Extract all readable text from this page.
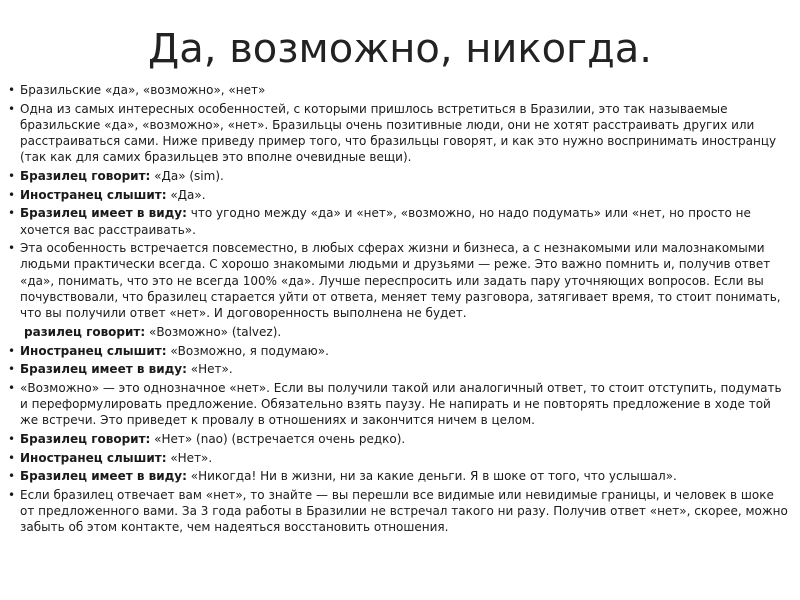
Да, возможно, никогда.
• Бразильские «да», «возможно», «нет»
• Одна из самых интересных особенностей, с которыми пришлось встретиться в Бразилии, это так называемые бразильские «да», «возможно», «нет». Бразильцы очень позитивные люди, они не хотят расстраивать других или расстраиваться сами. Ниже приведу пример того, что бразильцы говорят, и как это нужно воспринимать иностранцу (так как для самих бразильцев это вполне очевидные вещи).
• Бразилец говорит: «Да» (sim).
• Иностранец слышит: «Да».
• Бразилец имеет в виду: что угодно между «да» и «нет», «возможно, но надо подумать» или «нет, но просто не хочется вас расстраивать».
• Эта особенность встречается повсеместно, в любых сферах жизни и бизнеса, а с незнакомыми или малознакомыми людьми практически всегда. С хорошо знакомыми людьми и друзьями — реже. Это важно помнить и, получив ответ «да», понимать, что это не всегда 100% «да». Лучше переспросить или задать пару уточняющих вопросов. Если вы почувствовали, что бразилец старается уйти от ответа, меняет тему разговора, затягивает время, то стоит понимать, что вы получили ответ «нет». И договоренность выполнена не будет.
разилец говорит: «Возможно» (talvez).
• Иностранец слышит: «Возможно, я подумаю».
• Бразилец имеет в виду: «Нет».
• «Возможно» — это однозначное «нет». Если вы получили такой или аналогичный ответ, то стоит отступить, подумать и переформулировать предложение. Обязательно взять паузу. Не напирать и не повторять предложение в ходе той же встречи. Это приведет к провалу в отношениях и закончится ничем в целом.
• Бразилец говорит: «Нет» (nao) (встречается очень редко).
• Иностранец слышит: «Нет».
• Бразилец имеет в виду: «Никогда! Ни в жизни, ни за какие деньги. Я в шоке от того, что услышал».
• Если бразилец отвечает вам «нет», то знайте — вы перешли все видимые или невидимые границы, и человек в шоке от предложенного вами. За 3 года работы в Бразилии не встречал такого ни разу. Получив ответ «нет», скорее, можно забыть об этом контакте, чем надеяться восстановить отношения.
